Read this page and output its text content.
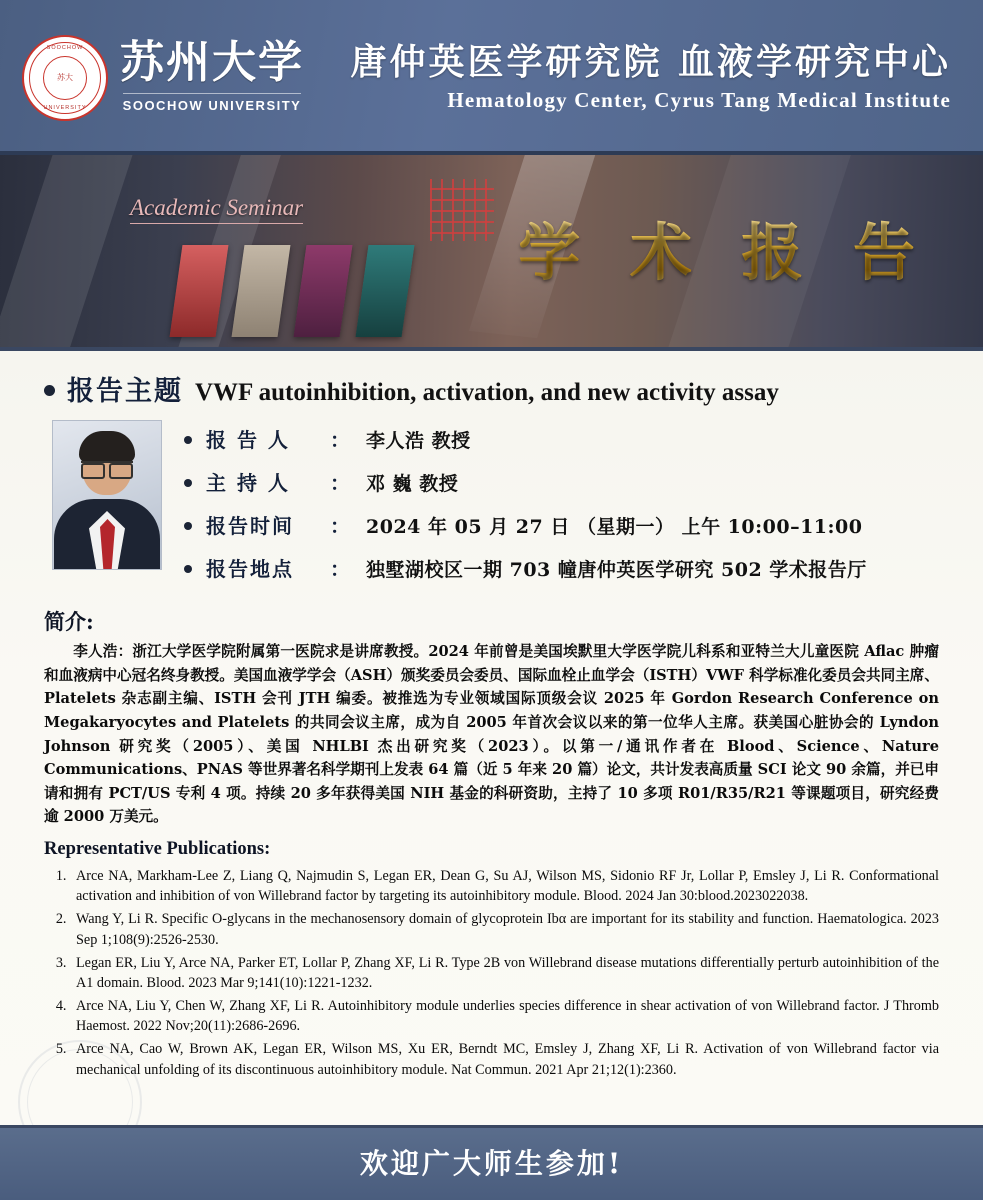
SOOCHOW
UNIVERSITY
苏大	苏州大学
SOOCHOW UNIVERSITY
唐仲英医学研究院 血液学研究中心
Hematology Center, Cyrus Tang Medical Institute
Academic Seminar
学 术 报 告
报告主题 VWF autoinhibition, activation, and new activity assay
报 告 人	： 李人浩 教授
主 持 人	： 邓 巍 教授
报告时间	： 2024 年 05 月 27 日 （星期一） 上午 10:00–11:00
报告地点	： 独墅湖校区一期 703 幢唐仲英医学研究 502 学术报告厅
简介:

李人浩：浙江大学医学院附属第一医院求是讲席教授。2024 年前曾是美国埃默里大学医学院儿科系和亚特兰大儿童医院 Aflac 肿瘤和血液病中心冠名终身教授。美国血液学学会（ASH）颁奖委员会委员、国际血栓止血学会（ISTH）VWF 科学标准化委员会共同主席、Platelets 杂志副主编、ISTH 会刊 JTH 编委。被推选为专业领域国际顶级会议 2025 年 Gordon Research Conference on Megakaryocytes and Platelets 的共同会议主席，成为自 2005 年首次会议以来的第一位华人主席。获美国心脏协会的 Lyndon Johnson 研究奖（2005）、美国 NHLBI 杰出研究奖（2023）。以第一/通讯作者在 Blood、Science、Nature Communications、PNAS 等世界著名科学期刊上发表 64 篇（近 5 年来 20 篇）论文，共计发表高质量 SCI 论文 90 余篇，并已申请和拥有 PCT/US 专利 4 项。持续 20 多年获得美国 NIH 基金的科研资助，主持了 10 多项 R01/R35/R21 等课题项目，研究经费逾 2000 万美元。

Representative Publications:
1. Arce NA, Markham-Lee Z, Liang Q, Najmudin S, Legan ER, Dean G, Su AJ, Wilson MS, Sidonio RF Jr, Lollar P, Emsley J, Li R. Conformational activation and inhibition of von Willebrand factor by targeting its autoinhibitory module. Blood. 2024 Jan 30:blood.2023022038.
2. Wang Y, Li R. Specific O-glycans in the mechanosensory domain of glycoprotein Ibα are important for its stability and function. Haematologica. 2023 Sep 1;108(9):2526-2530.
3. Legan ER, Liu Y, Arce NA, Parker ET, Lollar P, Zhang XF, Li R. Type 2B von Willebrand disease mutations differentially perturb autoinhibition of the A1 domain. Blood. 2023 Mar 9;141(10):1221-1232.
4. Arce NA, Liu Y, Chen W, Zhang XF, Li R. Autoinhibitory module underlies species difference in shear activation of von Willebrand factor. J Thromb Haemost. 2022 Nov;20(11):2686-2696.
5. Arce NA, Cao W, Brown AK, Legan ER, Wilson MS, Xu ER, Berndt MC, Emsley J, Zhang XF, Li R. Activation of von Willebrand factor via mechanical unfolding of its discontinuous autoinhibitory module. Nat Commun. 2021 Apr 21;12(1):2360.
欢迎广大师生参加!
